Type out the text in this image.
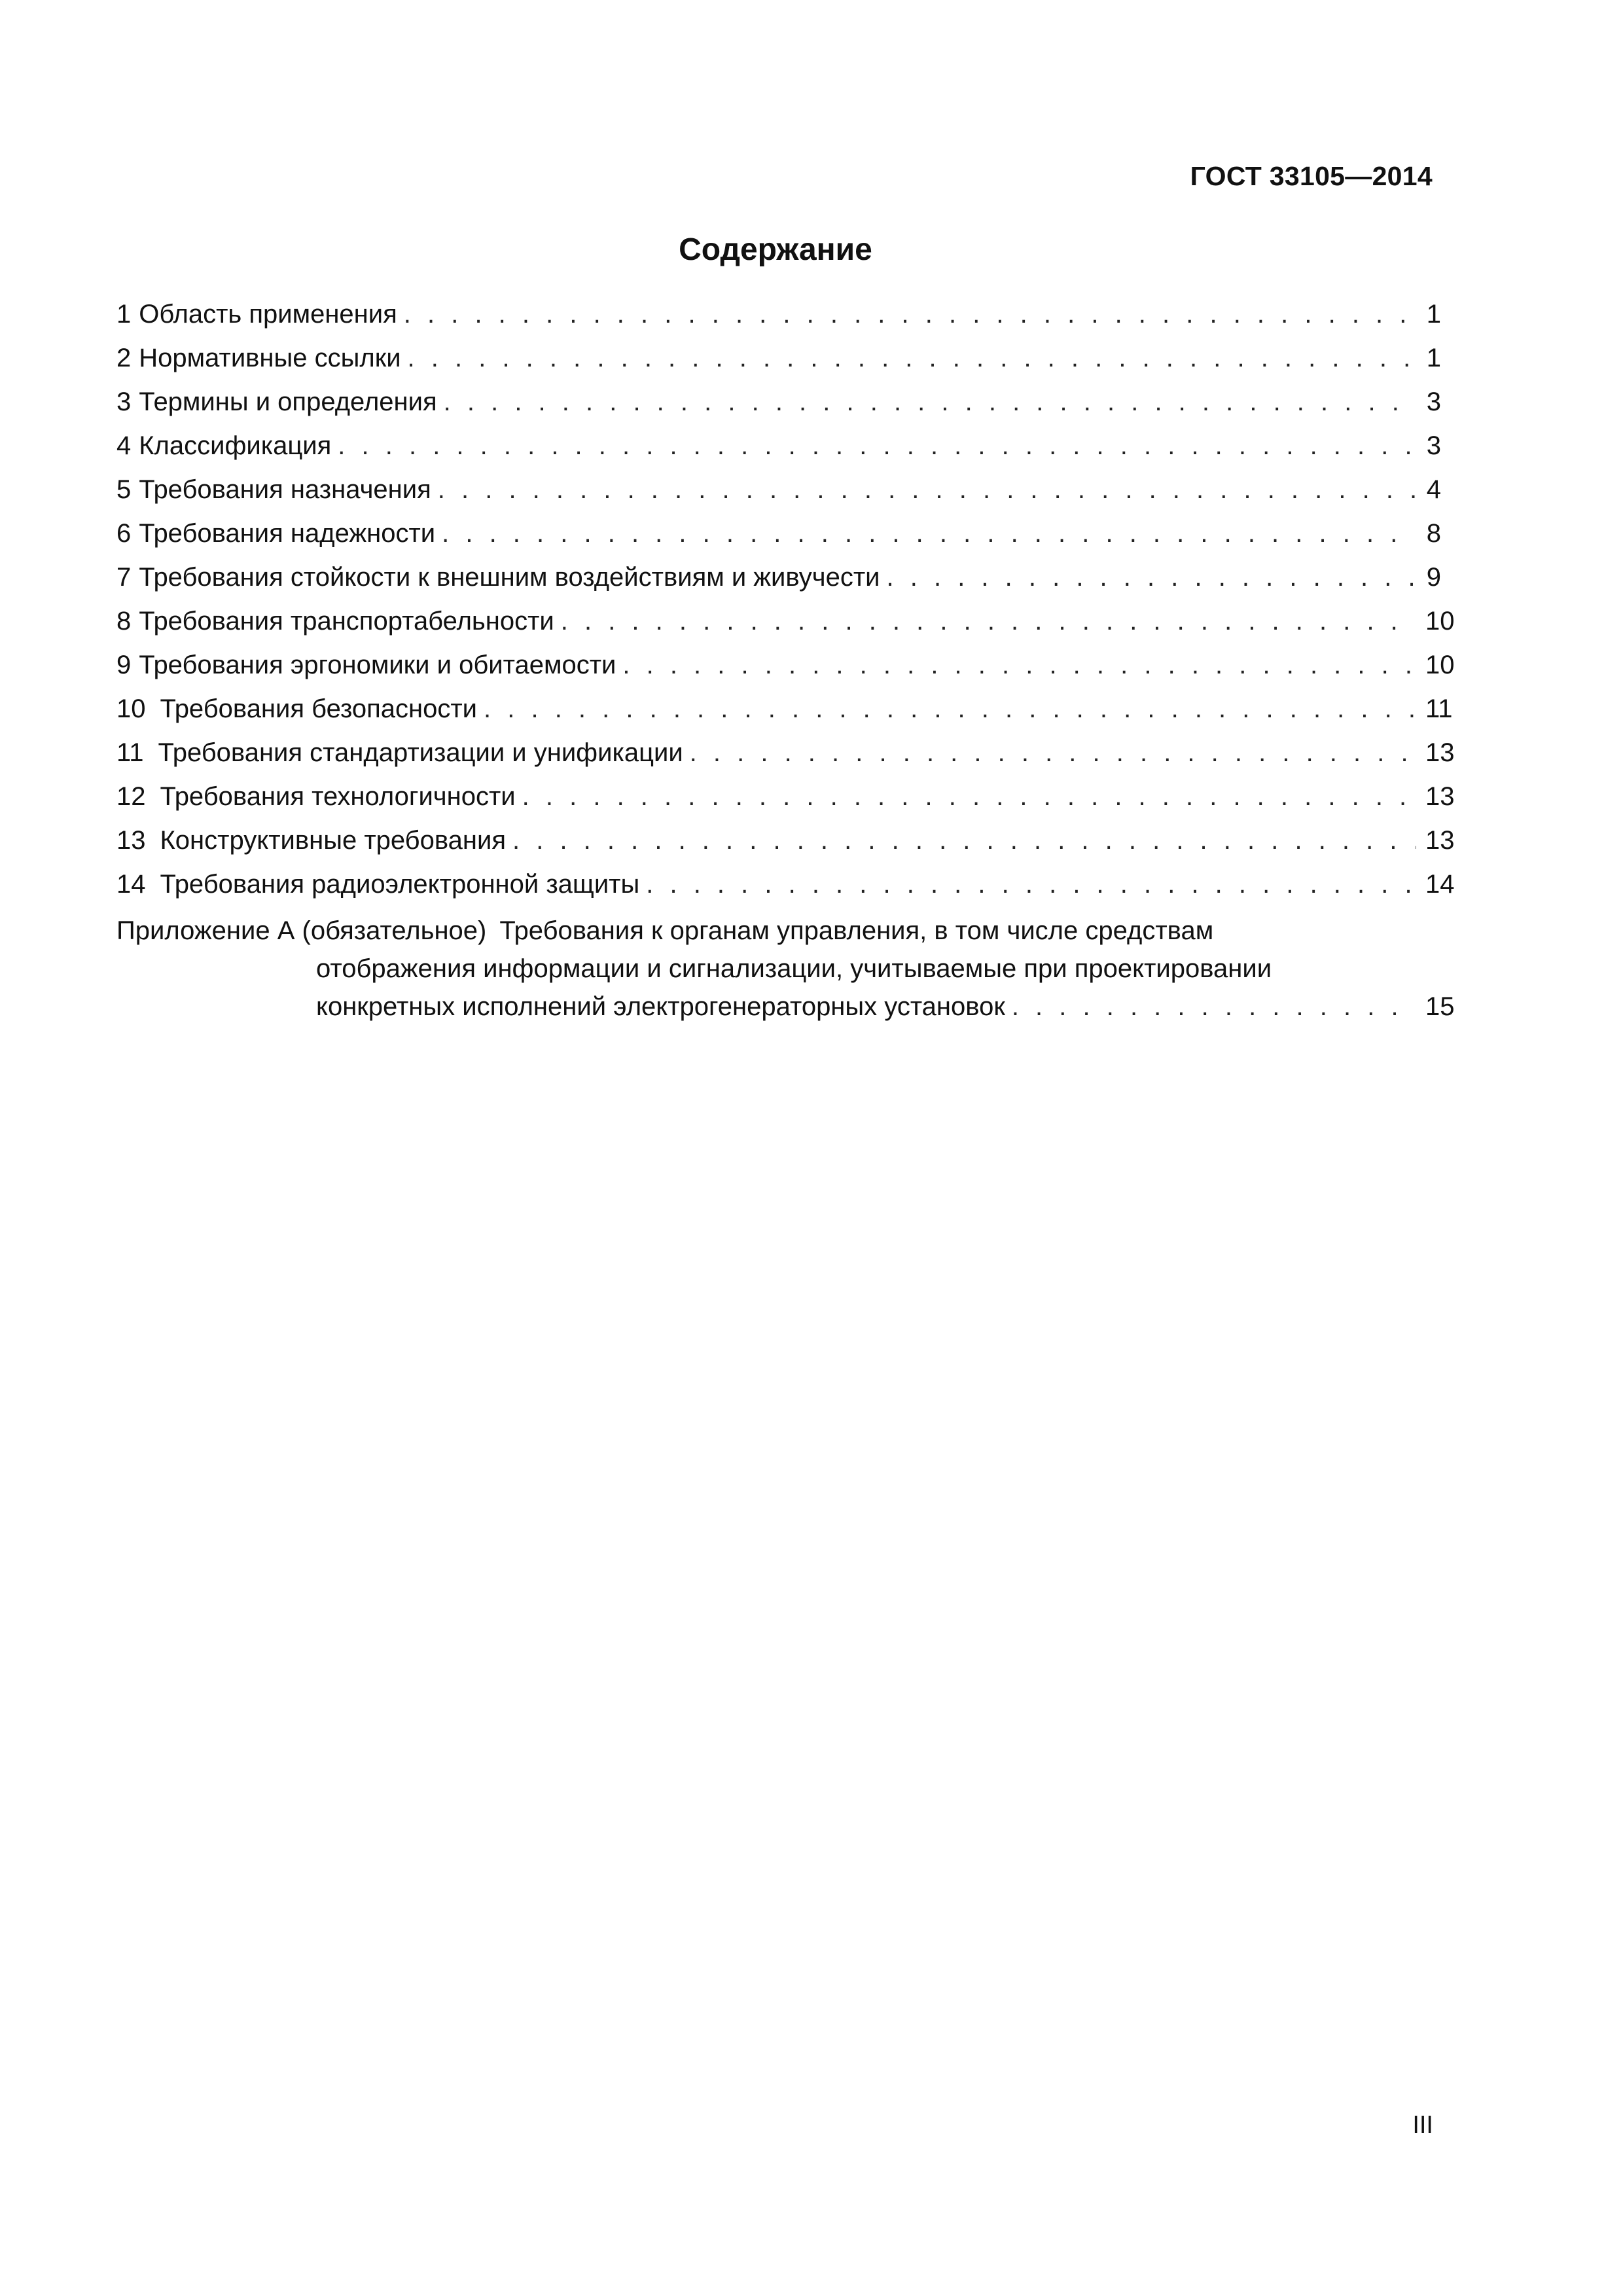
ГОСТ 33105—2014
Содержание
1 Область применения . . .	1
2 Нормативные ссылки . . .	1
3 Термины и определения . . .	3
4 Классификация . . .	3
5 Требования назначения . . .	4
6 Требования надежности . . .	8
7 Требования стойкости к внешним воздействиям и живучести . . .	9
8 Требования транспортабельности . . .	10
9 Требования эргономики и обитаемости . . .	10
10 Требования безопасности . . .	11
11 Требования стандартизации и унификации . . .	13
12 Требования технологичности . . .	13
13 Конструктивные требования . . .	13
14 Требования радиоэлектронной защиты . . .	14
Приложение А (обязательное) Требования к органам управления, в том числе средствам
отображения информации и сигнализации, учитываемые при проектировании
конкретных исполнений электрогенераторных установок . . .	15
III
